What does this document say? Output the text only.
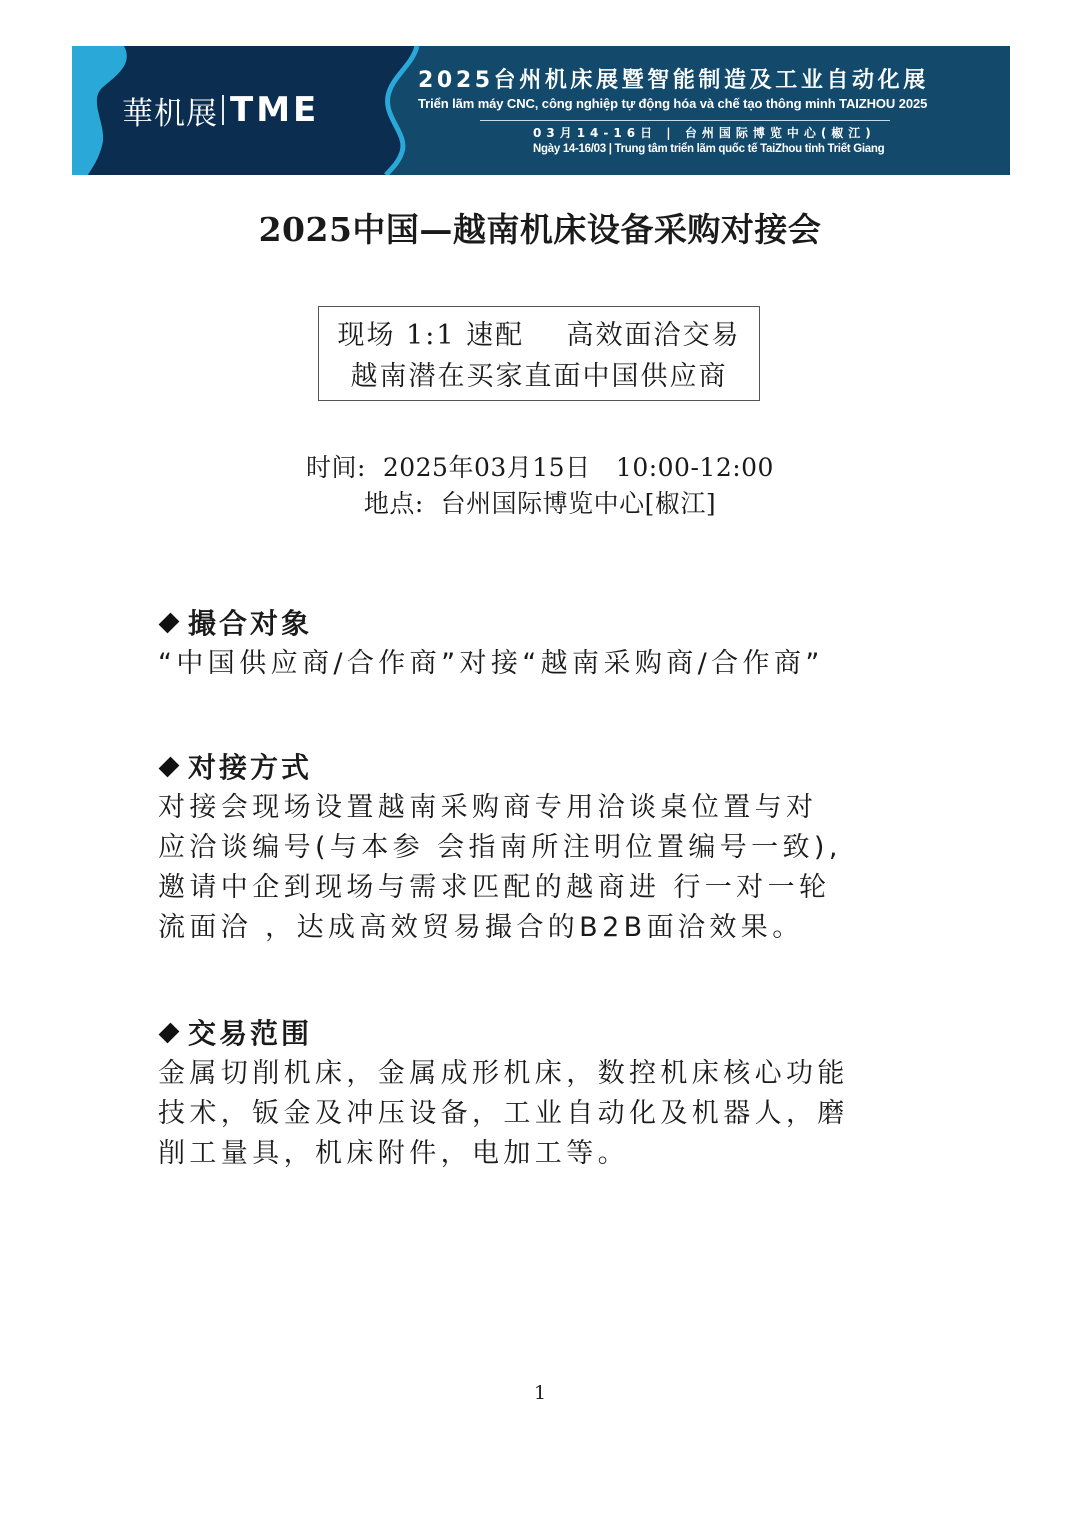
華机展 TME
2025台州机床展暨智能制造及工业自动化展
Triển lãm máy CNC, công nghiệp tự động hóa và chế tạo thông minh TAIZHOU 2025
03月14-16日 | 台州国际博览中心(椒江)
Ngày 14-16/03 | Trung tâm triển lãm quốc tế TaiZhou tỉnh Triết Giang
2025中国—越南机床设备采购对接会
现场 1:1 速配    高效面洽交易
越南潜在买家直面中国供应商
时间:  2025年03月15日   10:00-12:00
地点:  台州国际博览中心[椒江]
撮合对象
“中国供应商/合作商”对接“越南采购商/合作商”
对接方式
对接会现场设置越南采购商专用洽谈桌位置与对
应洽谈编号(与本参 会指南所注明位置编号一致),
邀请中企到现场与需求匹配的越商进 行一对一轮
流面洽 ，达成高效贸易撮合的B2B面洽效果。
交易范围
金属切削机床，金属成形机床，数控机床核心功能
技术，钣金及冲压设备，工业自动化及机器人，磨
削工量具，机床附件，电加工等。
1
